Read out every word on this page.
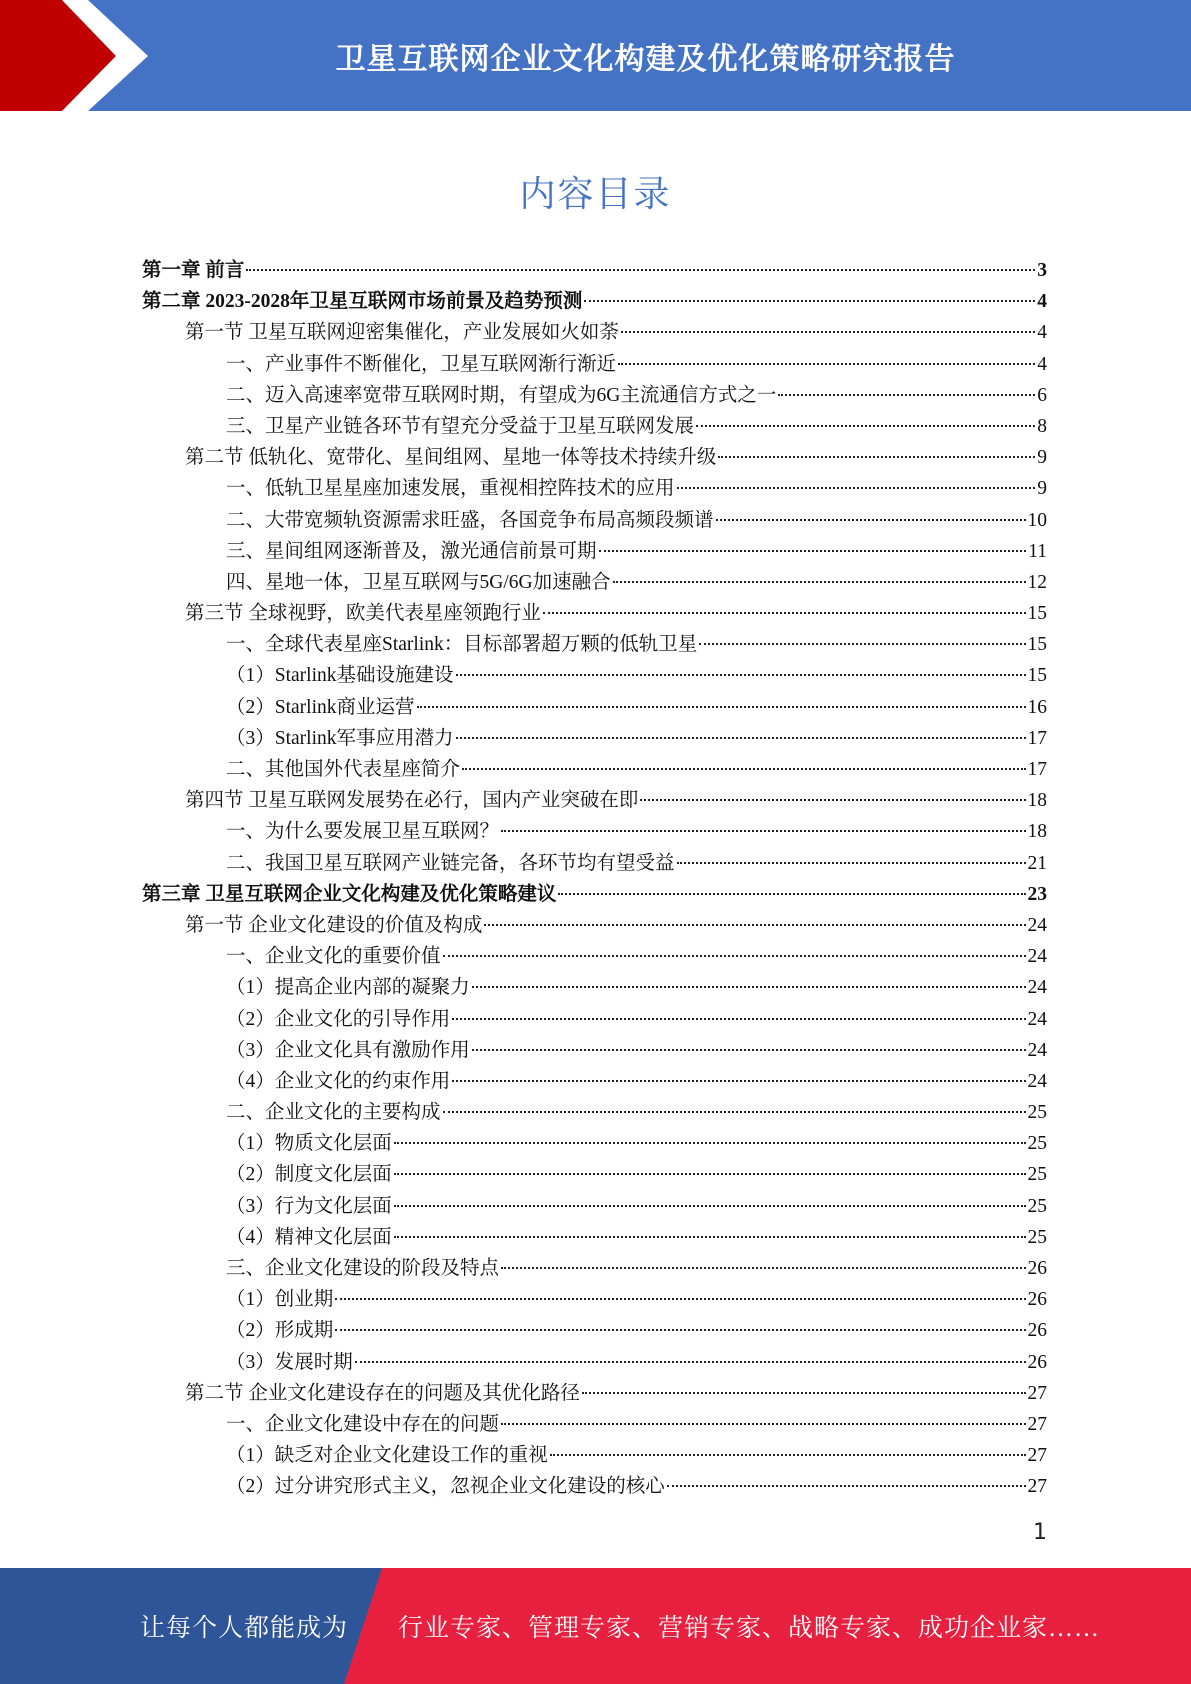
卫星互联网企业文化构建及优化策略研究报告
内容目录
第一章 前言	3
第二章 2023-2028年卫星互联网市场前景及趋势预测	4
第一节 卫星互联网迎密集催化，产业发展如火如荼	4
一、产业事件不断催化，卫星互联网渐行渐近	4
二、迈入高速率宽带互联网时期，有望成为6G主流通信方式之一	6
三、卫星产业链各环节有望充分受益于卫星互联网发展	8
第二节 低轨化、宽带化、星间组网、星地一体等技术持续升级	9
一、低轨卫星星座加速发展，重视相控阵技术的应用	9
二、大带宽频轨资源需求旺盛，各国竞争布局高频段频谱	10
三、星间组网逐渐普及，激光通信前景可期	11
四、星地一体，卫星互联网与5G/6G加速融合	12
第三节 全球视野，欧美代表星座领跑行业	15
一、全球代表星座Starlink：目标部署超万颗的低轨卫星	15
（1）Starlink基础设施建设	15
（2）Starlink商业运营	16
（3）Starlink军事应用潜力	17
二、其他国外代表星座简介	17
第四节 卫星互联网发展势在必行，国内产业突破在即	18
一、为什么要发展卫星互联网？	18
二、我国卫星互联网产业链完备，各环节均有望受益	21
第三章 卫星互联网企业文化构建及优化策略建议	23
第一节 企业文化建设的价值及构成	24
一、企业文化的重要价值	24
（1）提高企业内部的凝聚力	24
（2）企业文化的引导作用	24
（3）企业文化具有激励作用	24
（4）企业文化的约束作用	24
二、企业文化的主要构成	25
（1）物质文化层面	25
（2）制度文化层面	25
（3）行为文化层面	25
（4）精神文化层面	25
三、企业文化建设的阶段及特点	26
（1）创业期	26
（2）形成期	26
（3）发展时期	26
第二节 企业文化建设存在的问题及其优化路径	27
一、企业文化建设中存在的问题	27
（1）缺乏对企业文化建设工作的重视	27
（2）过分讲究形式主义，忽视企业文化建设的核心	27
1
让每个人都能成为 行业专家、管理专家、营销专家、战略专家、成功企业家……
